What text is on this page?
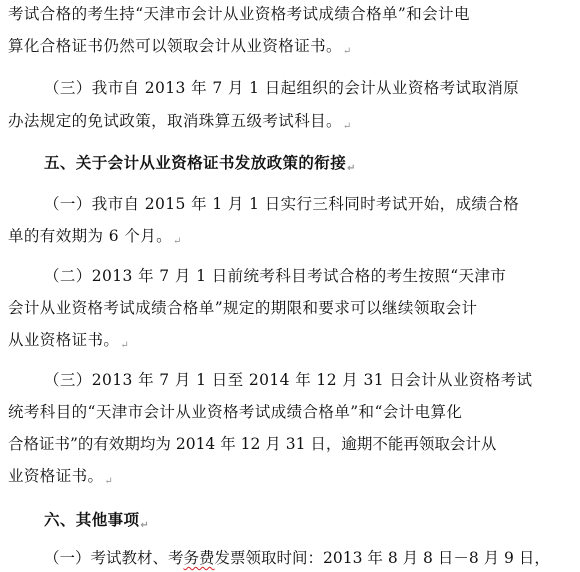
考试合格的考生持“天津市会计从业资格考试成绩合格单”和会计电
算化合格证书仍然可以领取会计从业资格证书。↵
（三）我市自 2013 年 7 月 1 日起组织的会计从业资格考试取消原
办法规定的免试政策，取消珠算五级考试科目。↵
五、关于会计从业资格证书发放政策的衔接↵
（一）我市自 2015 年 1 月 1 日实行三科同时考试开始，成绩合格
单的有效期为 6 个月。↵
（二）2013 年 7 月 1 日前统考科目考试合格的考生按照“天津市
会计从业资格考试成绩合格单”规定的期限和要求可以继续领取会计
从业资格证书。↵
（三）2013 年 7 月 1 日至 2014 年 12 月 31 日会计从业资格考试
统考科目的“天津市会计从业资格考试成绩合格单”和“会计电算化
合格证书”的有效期均为 2014 年 12 月 31 日，逾期不能再领取会计从
业资格证书。↵
六、其他事项↵
（一）考试教材、考务费发票领取时间：2013 年 8 月 8 日－8 月 9 日，
